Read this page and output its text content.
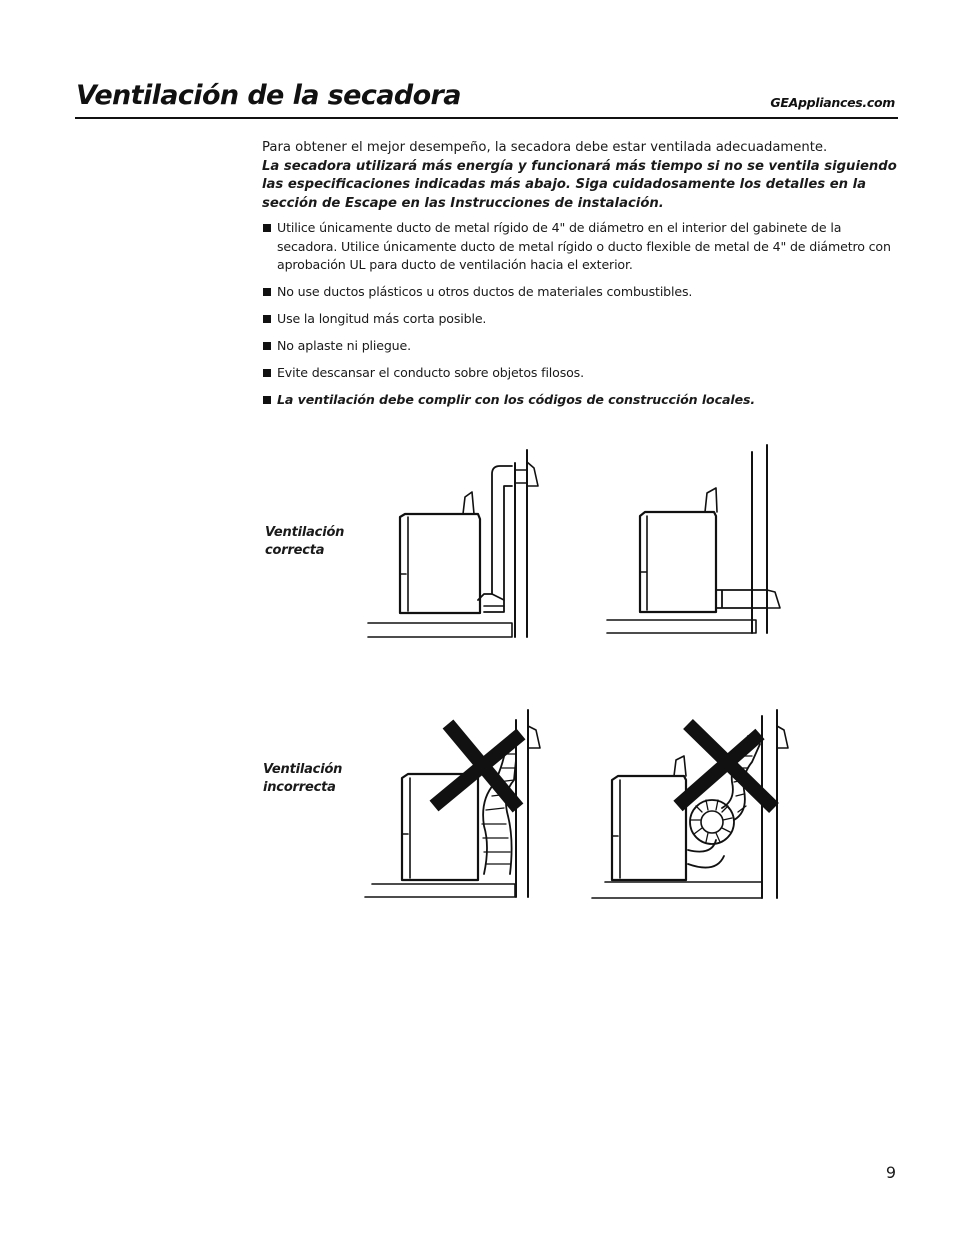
Ventilación de la secadora	GEAppliances.com

Para obtener el mejor desempeño, la secadora debe estar ventilada adecuadamente.

La secadora utilizará más energía y funcionará más tiempo si no se ventila siguiendo las especificaciones indicadas más abajo. Siga cuidadosamente los detalles en la sección de Escape en las Instrucciones de instalación.

Utilice únicamente ducto de metal rígido de 4" de diámetro en el interior del gabinete de la secadora. Utilice únicamente ducto de metal rígido o ducto flexible de metal de 4" de diámetro con aprobación UL para ducto de ventilación hacia el exterior.
No use ductos plásticos u otros ductos de materiales combustibles.
Use la longitud más corta posible.
No aplaste ni pliegue.
Evite descansar el conducto sobre objetos filosos.
La ventilación debe complir con los códigos de construcción locales.
Ventilación correcta
Ventilación incorrecta
9
